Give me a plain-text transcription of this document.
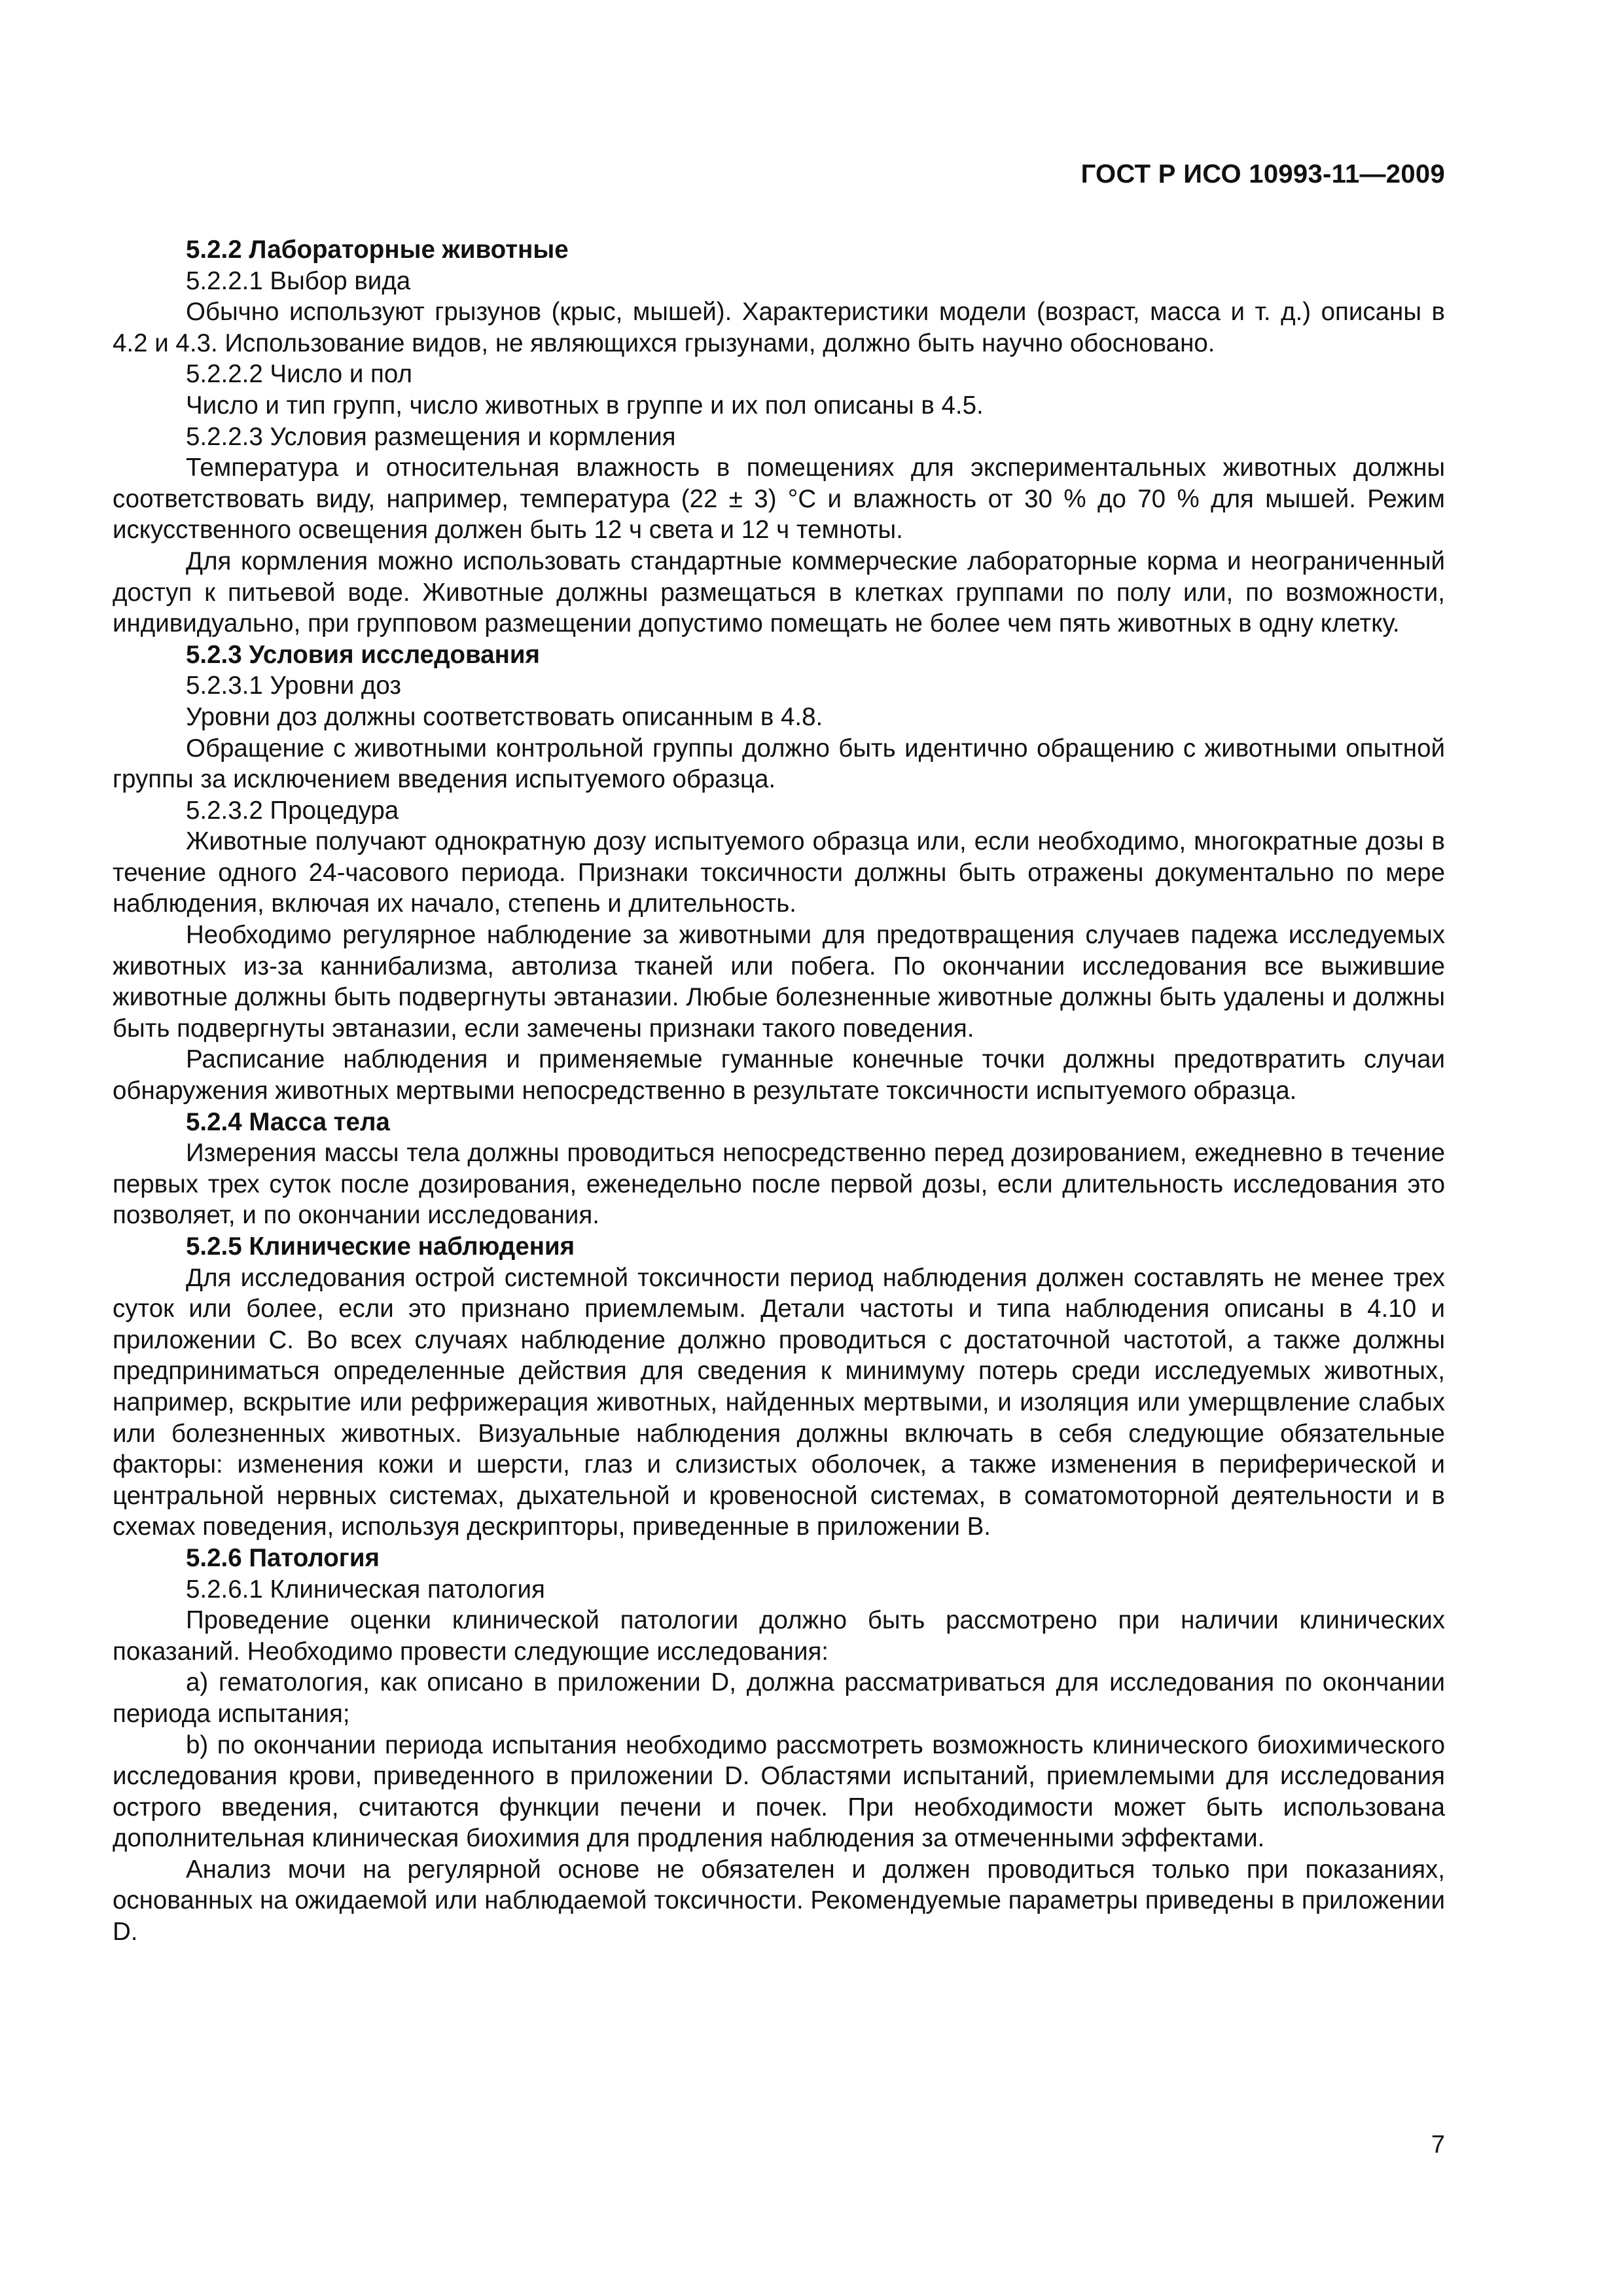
ГОСТ Р ИСО 10993-11—2009

5.2.2 Лабораторные животные

5.2.2.1 Выбор вида

Обычно используют грызунов (крыс, мышей). Характеристики модели (возраст, масса и т. д.) описаны в 4.2 и 4.3. Использование видов, не являющихся грызунами, должно быть научно обосновано.

5.2.2.2 Число и пол

Число и тип групп, число животных в группе и их пол описаны в 4.5.

5.2.2.3 Условия размещения и кормления

Температура и относительная влажность в помещениях для экспериментальных животных должны соответствовать виду, например, температура (22 ± 3) °С и влажность от 30 % до 70 % для мышей. Режим искусственного освещения должен быть 12 ч света и 12 ч темноты.

Для кормления можно использовать стандартные коммерческие лабораторные корма и неограниченный доступ к питьевой воде. Животные должны размещаться в клетках группами по полу или, по возможности, индивидуально, при групповом размещении допустимо помещать не более чем пять животных в одну клетку.

5.2.3 Условия исследования

5.2.3.1 Уровни доз

Уровни доз должны соответствовать описанным в 4.8.

Обращение с животными контрольной группы должно быть идентично обращению с животными опытной группы за исключением введения испытуемого образца.

5.2.3.2 Процедура

Животные получают однократную дозу испытуемого образца или, если необходимо, многократные дозы в течение одного 24-часового периода. Признаки токсичности должны быть отражены документально по мере наблюдения, включая их начало, степень и длительность.

Необходимо регулярное наблюдение за животными для предотвращения случаев падежа исследуемых животных из-за каннибализма, автолиза тканей или побега. По окончании исследования все выжившие животные должны быть подвергнуты эвтаназии. Любые болезненные животные должны быть удалены и должны быть подвергнуты эвтаназии, если замечены признаки такого поведения.

Расписание наблюдения и применяемые гуманные конечные точки должны предотвратить случаи обнаружения животных мертвыми непосредственно в результате токсичности испытуемого образца.

5.2.4 Масса тела

Измерения массы тела должны проводиться непосредственно перед дозированием, ежедневно в течение первых трех суток после дозирования, еженедельно после первой дозы, если длительность исследования это позволяет, и по окончании исследования.

5.2.5 Клинические наблюдения

Для исследования острой системной токсичности период наблюдения должен составлять не менее трех суток или более, если это признано приемлемым. Детали частоты и типа наблюдения описаны в 4.10 и приложении С. Во всех случаях наблюдение должно проводиться с достаточной частотой, а также должны предприниматься определенные действия для сведения к минимуму потерь среди исследуемых животных, например, вскрытие или рефрижерация животных, найденных мертвыми, и изоляция или умерщвление слабых или болезненных животных. Визуальные наблюдения должны включать в себя следующие обязательные факторы: изменения кожи и шерсти, глаз и слизистых оболочек, а также изменения в периферической и центральной нервных системах, дыхательной и кровеносной системах, в соматомоторной деятельности и в схемах поведения, используя дескрипторы, приведенные в приложении В.

5.2.6 Патология

5.2.6.1 Клиническая патология

Проведение оценки клинической патологии должно быть рассмотрено при наличии клинических показаний. Необходимо провести следующие исследования:

a) гематология, как описано в приложении D, должна рассматриваться для исследования по окончании периода испытания;

b) по окончании периода испытания необходимо рассмотреть возможность клинического биохимического исследования крови, приведенного в приложении D. Областями испытаний, приемлемыми для исследования острого введения, считаются функции печени и почек. При необходимости может быть использована дополнительная клиническая биохимия для продления наблюдения за отмеченными эффектами.

Анализ мочи на регулярной основе не обязателен и должен проводиться только при показаниях, основанных на ожидаемой или наблюдаемой токсичности. Рекомендуемые параметры приведены в приложении D.

7
